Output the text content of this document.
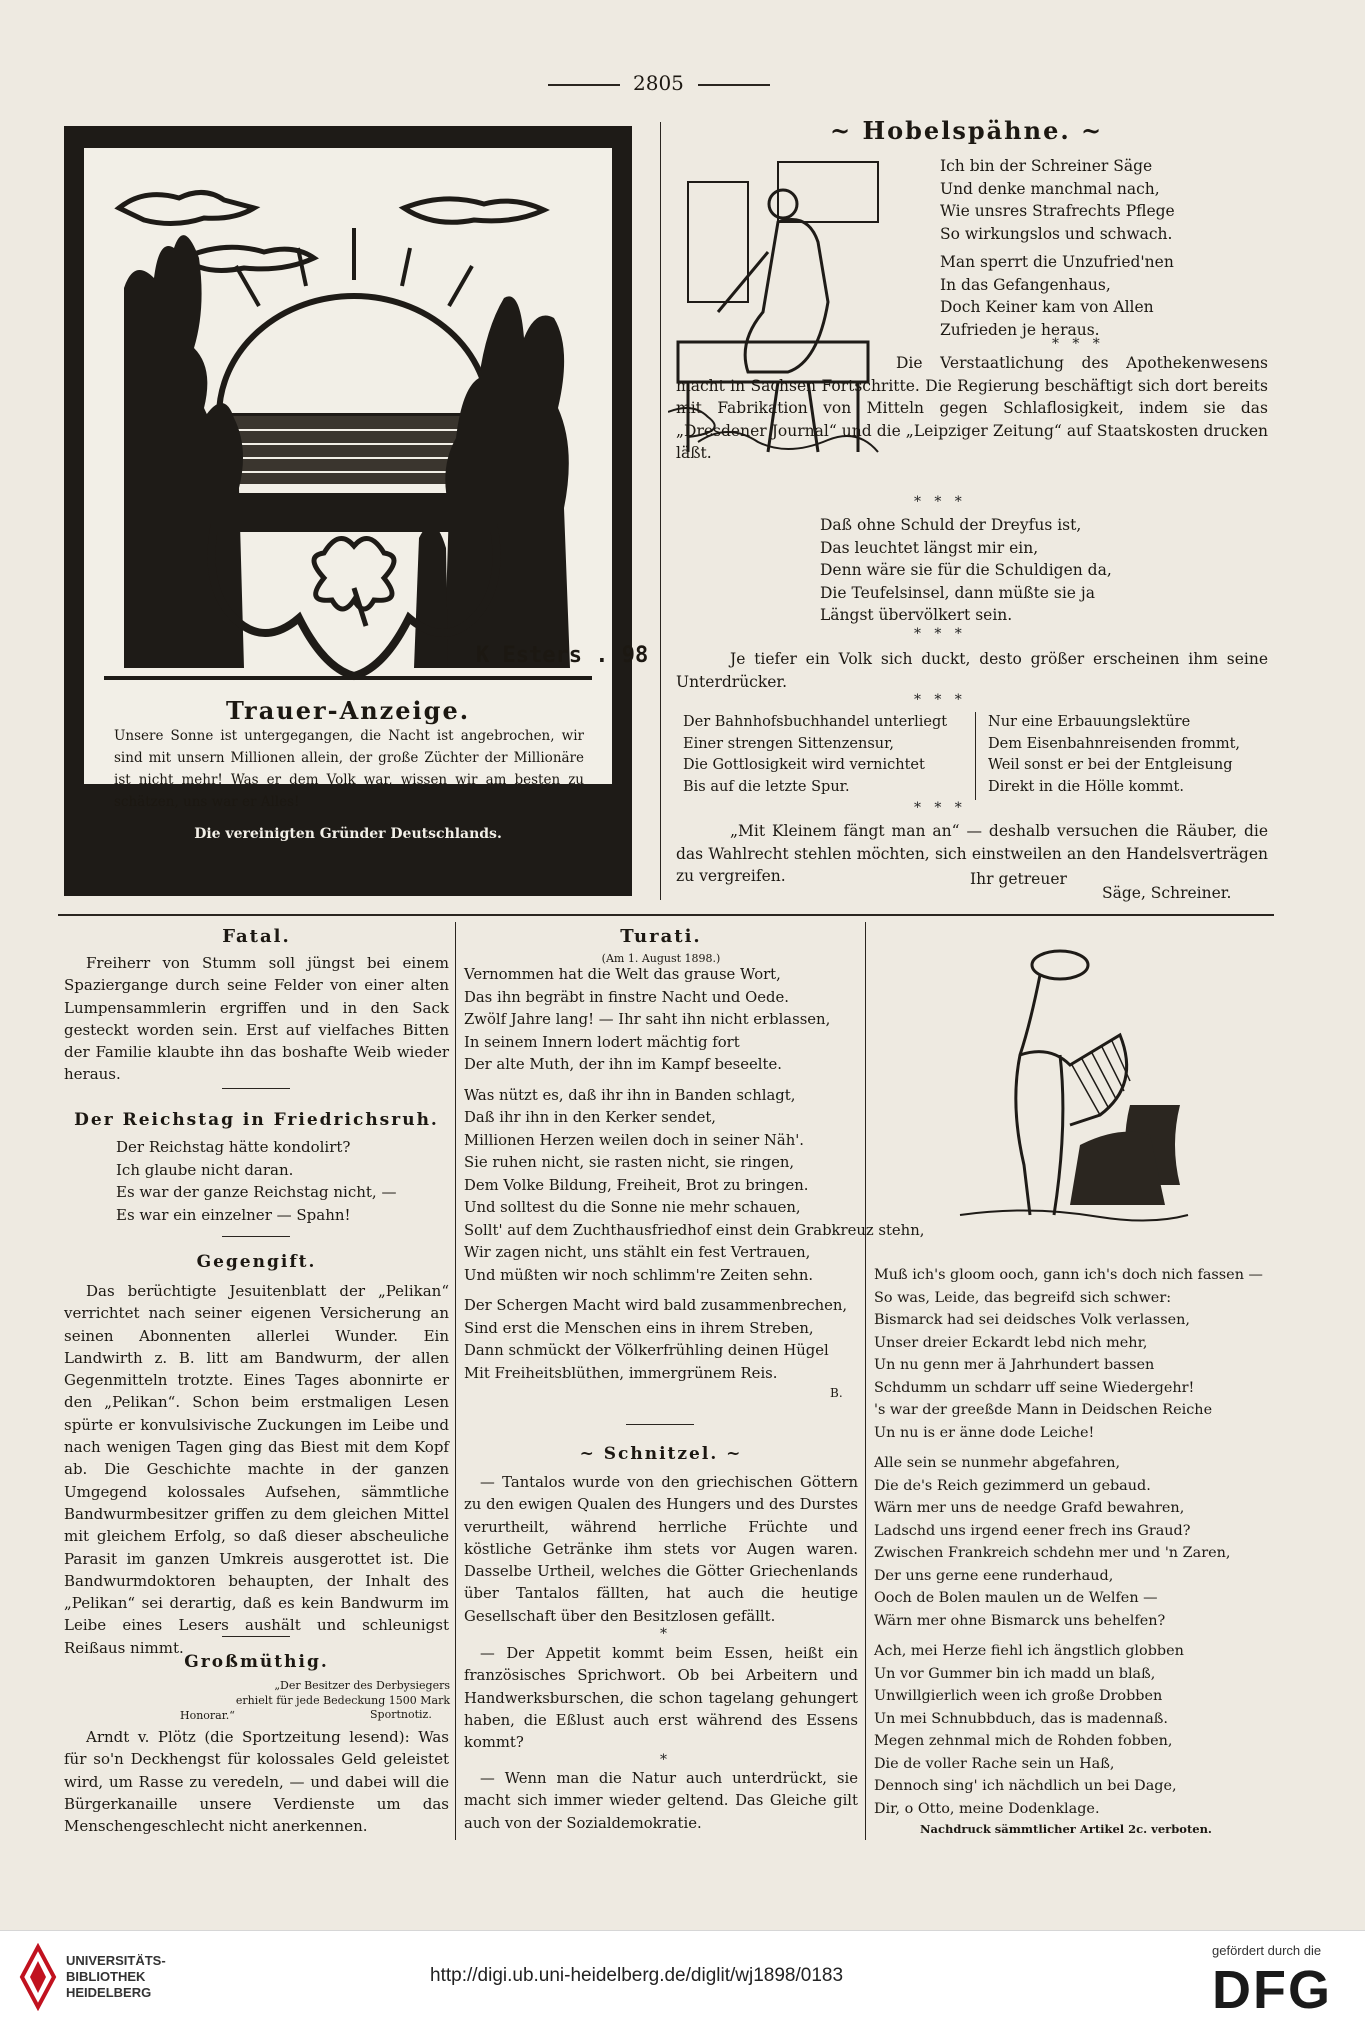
2805
K Esters . 98
Trauer-Anzeige.
Unsere Sonne ist untergegangen, die Nacht ist angebrochen, wir sind mit unsern Millionen allein, der große Züchter der Millionäre ist nicht mehr! Was er dem Volk war, wissen wir am besten zu schätzen, uns war er Alles!
Die vereinigten Gründer Deutschlands.
~ Hobelspähne. ~
Ich bin der Schreiner Säge
Und denke manchmal nach,
Wie unsres Strafrechts Pflege
So wirkungslos und schwach.
Man sperrt die Unzufried'nen
In das Gefangenhaus,
Doch Keiner kam von Allen
Zufrieden je heraus.
*   *   *
Die Verstaatlichung des Apothekenwesens macht in Sachsen Fortschritte. Die Regierung beschäftigt sich dort bereits mit Fabrikation von Mitteln gegen Schlaflosigkeit, indem sie das „Dresdener Journal“ und die „Leipziger Zeitung“ auf Staatskosten drucken läßt.
*   *   *
Daß ohne Schuld der Dreyfus ist,
Das leuchtet längst mir ein,
Denn wäre sie für die Schuldigen da,
Die Teufelsinsel, dann müßte sie ja
Längst übervölkert sein.
*   *   *
Je tiefer ein Volk sich duckt, desto größer erscheinen ihm seine Unterdrücker.
*   *   *
Der Bahnhofsbuchhandel unterliegt
Einer strengen Sittenzensur,
Die Gottlosigkeit wird vernichtet
Bis auf die letzte Spur.
Nur eine Erbauungslektüre
Dem Eisenbahnreisenden frommt,
Weil sonst er bei der Entgleisung
Direkt in die Hölle kommt.
*   *   *
„Mit Kleinem fängt man an“ — deshalb versuchen die Räuber, die das Wahlrecht stehlen möchten, sich einstweilen an den Handelsverträgen zu vergreifen.	Ihr getreuer
Säge, Schreiner.
Fatal.
Freiherr von Stumm soll jüngst bei einem Spaziergange durch seine Felder von einer alten Lumpensammlerin ergriffen und in den Sack gesteckt worden sein. Erst auf vielfaches Bitten der Familie klaubte ihn das boshafte Weib wieder heraus.
Der Reichstag in Friedrichsruh.
Der Reichstag hätte kondolirt?
Ich glaube nicht daran.
Es war der ganze Reichstag nicht, —
Es war ein einzelner — Spahn!
Gegengift.
Das berüchtigte Jesuitenblatt der „Pelikan“ verrichtet nach seiner eigenen Versicherung an seinen Abonnenten allerlei Wunder. Ein Landwirth z. B. litt am Bandwurm, der allen Gegenmitteln trotzte. Eines Tages abonnirte er den „Pelikan“. Schon beim erstmaligen Lesen spürte er konvulsivische Zuckungen im Leibe und nach wenigen Tagen ging das Biest mit dem Kopf ab. Die Geschichte machte in der ganzen Umgegend kolossales Aufsehen, sämmtliche Bandwurmbesitzer griffen zu dem gleichen Mittel mit gleichem Erfolg, so daß dieser abscheuliche Parasit im ganzen Umkreis ausgerottet ist. Die Bandwurmdoktoren behaupten, der Inhalt des „Pelikan“ sei derartig, daß es kein Bandwurm im Leibe eines Lesers aushält und schleunigst Reißaus nimmt.
Großmüthig.
„Der Besitzer des Derbysiegers
erhielt für jede Bedeckung 1500 Mark
Honorar.“	Sportnotiz.
Arndt v. Plötz (die Sportzeitung lesend): Was für so'n Deckhengst für kolossales Geld geleistet wird, um Rasse zu veredeln, — und dabei will die Bürgerkanaille unsere Verdienste um das Menschengeschlecht nicht anerkennen.
Turati.
(Am 1. August 1898.)
Vernommen hat die Welt das grause Wort,
Das ihn begräbt in finstre Nacht und Oede.
Zwölf Jahre lang! — Ihr saht ihn nicht erblassen,
In seinem Innern lodert mächtig fort
Der alte Muth, der ihn im Kampf beseelte.
Was nützt es, daß ihr ihn in Banden schlagt,
Daß ihr ihn in den Kerker sendet,
Millionen Herzen weilen doch in seiner Näh'.
Sie ruhen nicht, sie rasten nicht, sie ringen,
Dem Volke Bildung, Freiheit, Brot zu bringen.
Und solltest du die Sonne nie mehr schauen,
Sollt' auf dem Zuchthausfriedhof einst dein Grabkreuz stehn,
Wir zagen nicht, uns stählt ein fest Vertrauen,
Und müßten wir noch schlimm're Zeiten sehn.
Der Schergen Macht wird bald zusammenbrechen,
Sind erst die Menschen eins in ihrem Streben,
Dann schmückt der Völkerfrühling deinen Hügel
Mit Freiheitsblüthen, immergrünem Reis.
B.
~ Schnitzel. ~
— Tantalos wurde von den griechischen Göttern zu den ewigen Qualen des Hungers und des Durstes verurtheilt, während herrliche Früchte und köstliche Getränke ihm stets vor Augen waren. Dasselbe Urtheil, welches die Götter Griechenlands über Tantalos fällten, hat auch die heutige Gesellschaft über den Besitzlosen gefällt.
*
— Der Appetit kommt beim Essen, heißt ein französisches Sprichwort. Ob bei Arbeitern und Handwerksburschen, die schon tagelang gehungert haben, die Eßlust auch erst während des Essens kommt?
*
— Wenn man die Natur auch unterdrückt, sie macht sich immer wieder geltend. Das Gleiche gilt auch von der Sozialdemokratie.
Muß ich's gloom ooch, gann ich's doch nich fassen —
So was, Leide, das begreifd sich schwer:
Bismarck had sei deidsches Volk verlassen,
Unser dreier Eckardt lebd nich mehr,
Un nu genn mer ä Jahrhundert bassen
Schdumm un schdarr uff seine Wiedergehr!
's war der greeßde Mann in Deidschen Reiche
Un nu is er änne dode Leiche!
Alle sein se nunmehr abgefahren,
Die de's Reich gezimmerd un gebaud.
Wärn mer uns de needge Grafd bewahren,
Ladschd uns irgend eener frech ins Graud?
Zwischen Frankreich schdehn mer und 'n Zaren,
Der uns gerne eene runderhaud,
Ooch de Bolen maulen un de Welfen —
Wärn mer ohne Bismarck uns behelfen?
Ach, mei Herze fiehl ich ängstlich globben
Un vor Gummer bin ich madd un blaß,
Unwillgierlich ween ich große Drobben
Un mei Schnubbduch, das is madennaß.
Megen zehnmal mich de Rohden fobben,
Die de voller Rache sein un Haß,
Dennoch sing' ich nächdlich un bei Dage,
Dir, o Otto, meine Dodenklage.
Nachdruck sämmtlicher Artikel 2c. verboten.
UNIVERSITÄTS-
BIBLIOTHEK
HEIDELBERG
http://digi.ub.uni-heidelberg.de/diglit/wj1898/0183
gefördert durch die
DFG
